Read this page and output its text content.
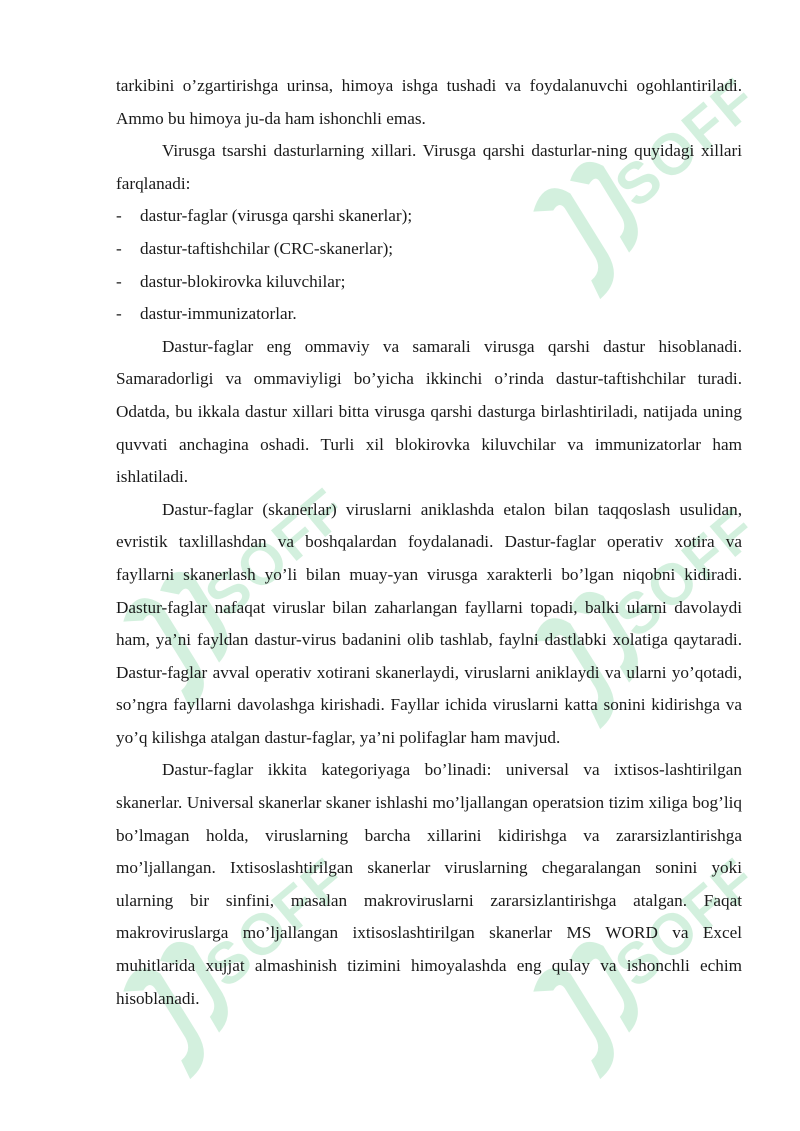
SOFF
SOFF	SOFF
SOFF	SOFF

tarkibini o’zgartirishga urinsa, himoya ishga tushadi va foydalanuvchi ogohlantiriladi. Ammo bu himoya ju-da ham ishonchli emas.

Virusga tsarshi dasturlarning xillari. Virusga qarshi dasturlar-ning quyidagi xillari farqlanadi:

-	dastur-faglar (virusga qarshi skanerlar);
-	dastur-taftishchilar (CRC-skanerlar);
-	dastur-blokirovka kiluvchilar;
-	dastur-immunizatorlar.

Dastur-faglar eng ommaviy va samarali virusga qarshi dastur hisoblanadi. Samaradorligi va ommaviyligi bo’yicha ikkinchi o’rinda dastur-taftishchilar turadi. Odatda, bu ikkala dastur xillari bitta virusga qarshi dasturga birlashtiriladi, natijada uning quvvati anchagina oshadi. Turli xil blokirovka kiluvchilar va immunizatorlar ham ishlatiladi.

Dastur-faglar (skanerlar) viruslarni aniklashda etalon bilan taqqoslash usulidan, evristik taxlillashdan va boshqalardan foydalanadi. Dastur-faglar operativ xotira va fayllarni skanerlash yo’li bilan muay-yan virusga xarakterli bo’lgan niqobni kidiradi. Dastur-faglar nafaqat viruslar bilan zaharlangan fayllarni topadi, balki ularni davolaydi ham, ya’ni fayldan dastur-virus badanini olib tashlab, faylni dastlabki xolatiga qaytaradi. Dastur-faglar avval operativ xotirani skanerlaydi, viruslarni aniklaydi va ularni yo’qotadi, so’ngra fayllarni davolashga kirishadi. Fayllar ichida viruslarni katta sonini kidirishga va yo’q kilishga atalgan dastur-faglar, ya’ni polifaglar ham mavjud.

Dastur-faglar ikkita kategoriyaga bo’linadi: universal va ixtisos-lashtirilgan skanerlar. Universal skanerlar skaner ishlashi mo’ljallangan operatsion tizim xiliga bog’liq bo’lmagan holda, viruslarning barcha xillarini kidirishga va zararsizlantirishga mo’ljallangan. Ixtisoslashtirilgan skanerlar viruslarning chegaralangan sonini yoki ularning bir sinfini, masalan makroviruslarni zararsizlantirishga atalgan. Faqat makroviruslarga mo’ljallangan ixtisoslashtirilgan skanerlar MS WORD va Excel muhitlarida xujjat almashinish tizimini himoyalashda eng qulay va ishonchli echim hisoblanadi.
